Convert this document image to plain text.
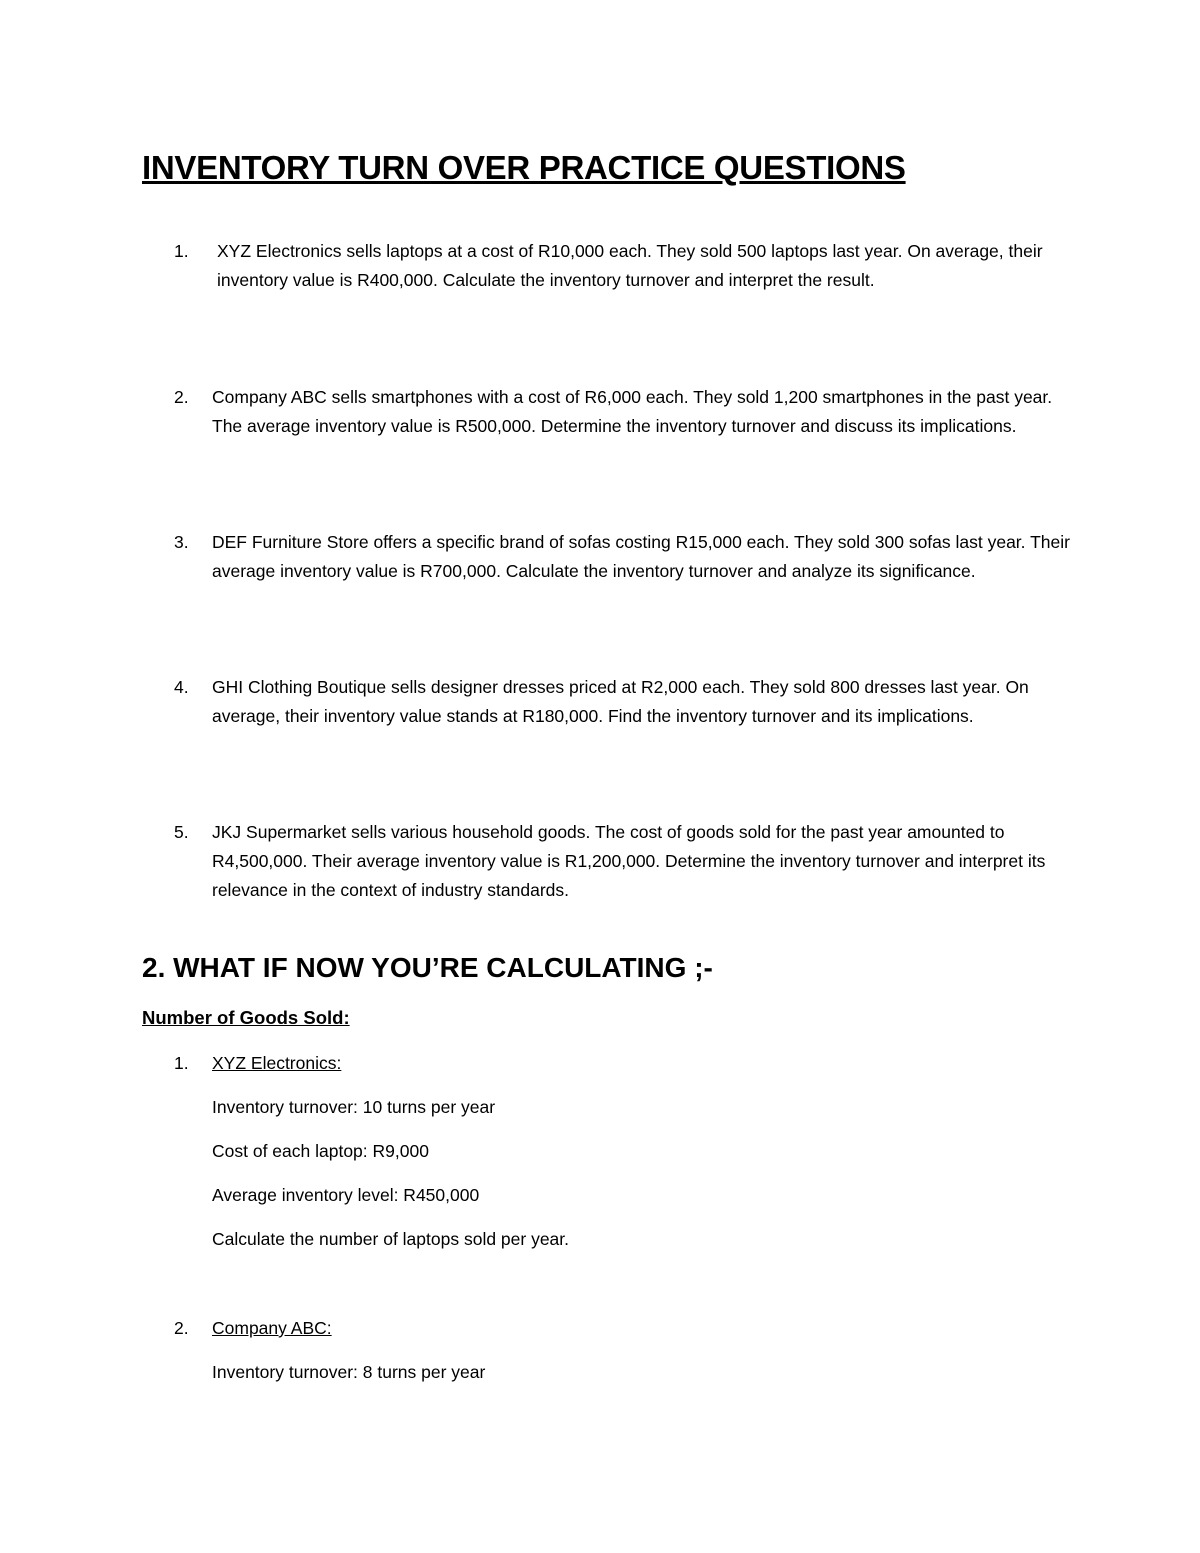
INVENTORY TURN OVER PRACTICE QUESTIONS
1. XYZ Electronics sells laptops at a cost of R10,000 each. They sold 500 laptops last year. On average, their inventory value is R400,000. Calculate the inventory turnover and interpret the result.

2. Company ABC sells smartphones with a cost of R6,000 each. They sold 1,200 smartphones in the past year. The average inventory value is R500,000. Determine the inventory turnover and discuss its implications.

3. DEF Furniture Store offers a specific brand of sofas costing R15,000 each. They sold 300 sofas last year. Their average inventory value is R700,000. Calculate the inventory turnover and analyze its significance.

4. GHI Clothing Boutique sells designer dresses priced at R2,000 each. They sold 800 dresses last year. On average, their inventory value stands at R180,000. Find the inventory turnover and its implications.

5. JKJ Supermarket sells various household goods. The cost of goods sold for the past year amounted to R4,500,000. Their average inventory value is R1,200,000. Determine the inventory turnover and interpret its relevance in the context of industry standards.

2. WHAT IF NOW YOU’RE CALCULATING ;-
Number of Goods Sold:
1. XYZ Electronics:
Inventory turnover: 10 turns per year
Cost of each laptop: R9,000
Average inventory level: R450,000
Calculate the number of laptops sold per year.
2. Company ABC:
Inventory turnover: 8 turns per year
